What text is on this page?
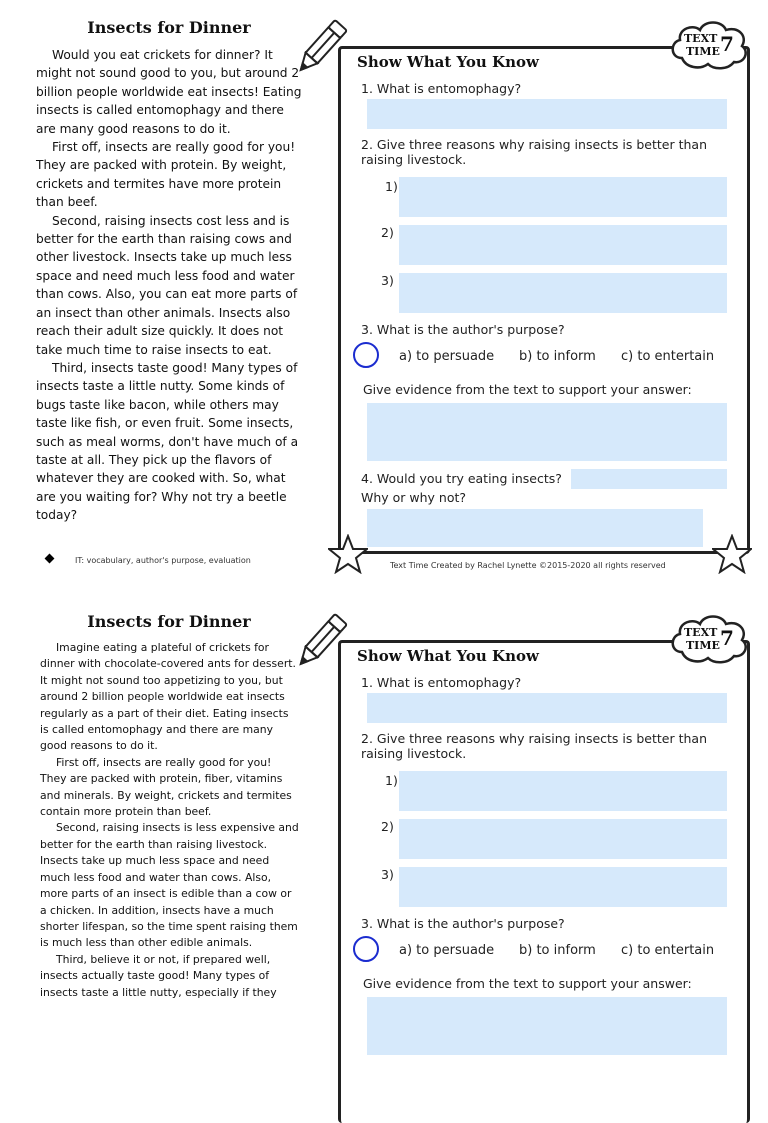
Insects for Dinner

Would you eat crickets for dinner? It might not sound good to you, but around 2 billion people worldwide eat insects! Eating insects is called entomophagy and there are many good reasons to do it.

First off, insects are really good for you! They are packed with protein. By weight, crickets and termites have more protein than beef.

Second, raising insects cost less and is better for the earth than raising cows and other livestock. Insects take up much less space and need much less food and water than cows. Also, you can eat more parts of an insect than other animals. Insects also reach their adult size quickly. It does not take much time to raise insects to eat.

Third, insects taste good! Many types of insects taste a little nutty. Some kinds of bugs taste like bacon, while others may taste like fish, or even fruit. Some insects, such as meal worms, don't have much of a taste at all. They pick up the flavors of whatever they are cooked with. So, what are you waiting for? Why not try a beetle today?

IT: vocabulary, author's purpose, evaluation
Show What You Know
1. What is entomophagy?
2. Give three reasons why raising insects is better than raising livestock.
1)
2)
3)
3. What is the author's purpose?
a) to persuade b) to inform c) to entertain
Give evidence from the text to support your answer:
4. Would you try eating insects?
Why or why not?
Text Time Created by Rachel Lynette ©2015-2020 all rights reserved
TEXT
TIME 7
Insects for Dinner

Imagine eating a plateful of crickets for dinner with chocolate-covered ants for dessert. It might not sound too appetizing to you, but around 2 billion people worldwide eat insects regularly as a part of their diet. Eating insects is called entomophagy and there are many good reasons to do it.

First off, insects are really good for you! They are packed with protein, fiber, vitamins and minerals. By weight, crickets and termites contain more protein than beef.

Second, raising insects is less expensive and better for the earth than raising livestock. Insects take up much less space and need much less food and water than cows. Also, more parts of an insect is edible than a cow or a chicken. In addition, insects have a much shorter lifespan, so the time spent raising them is much less than other edible animals.

Third, believe it or not, if prepared well, insects actually taste good! Many types of insects taste a little nutty, especially if they

Show What You Know
1. What is entomophagy?
2. Give three reasons why raising insects is better than raising livestock.
1)
2)
3)
3. What is the author's purpose?
a) to persuade b) to inform c) to entertain
Give evidence from the text to support your answer:
TEXT
TIME 7
